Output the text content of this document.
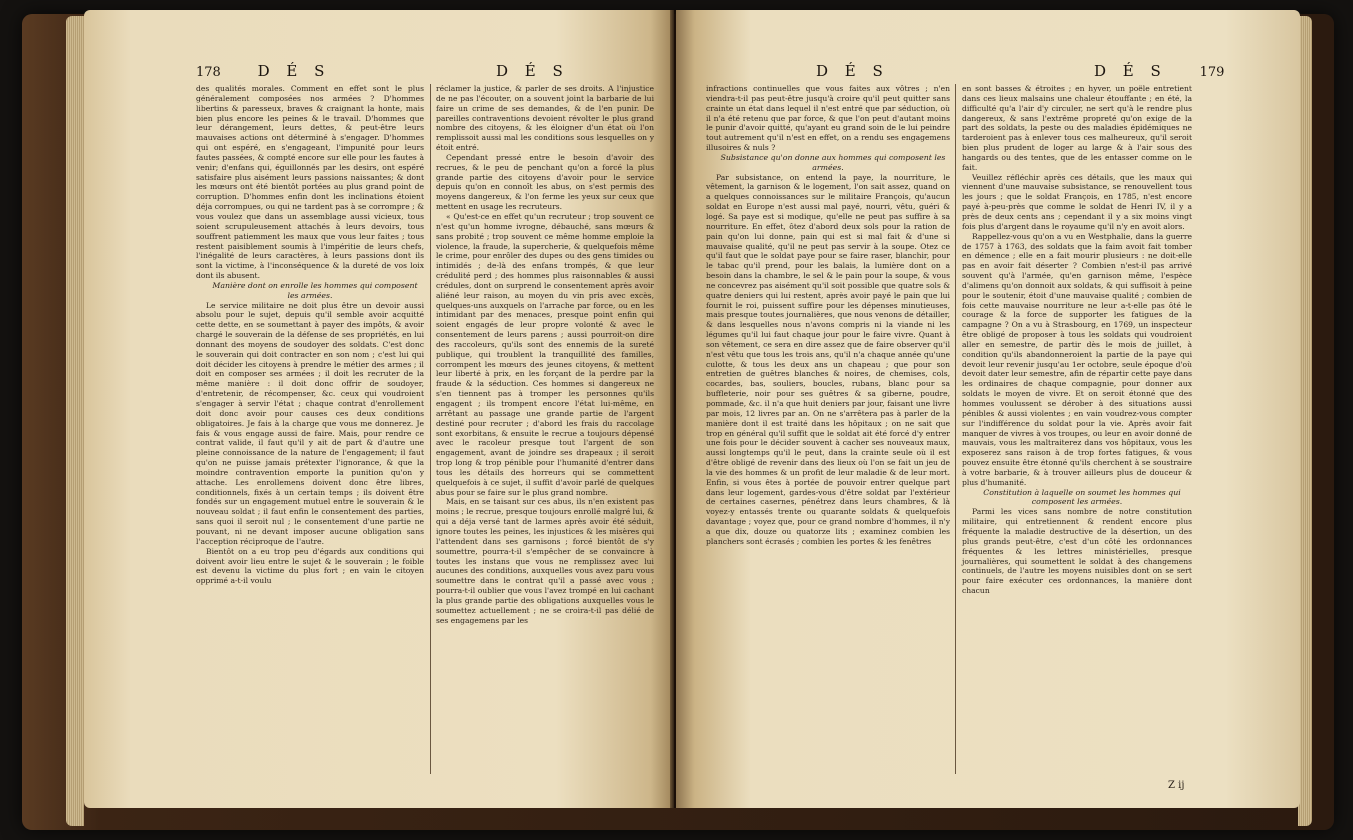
178 D É S	D É S

des qualités morales. Comment en effet sont le plus généralement composées nos armées ? D'hommes libertins & paresseux, braves & craignant la honte, mais bien plus encore les peines & le travail. D'hommes que leur dérangement, leurs dettes, & peut-être leurs mauvaises actions ont déterminé à s'engager. D'hommes qui ont espéré, en s'engageant, l'impunité pour leurs fautes passées, & compté encore sur elle pour les fautes à venir; d'enfans qui, éguillonnés par les desirs, ont espéré satisfaire plus aisément leurs passions naissantes; & dont les mœurs ont été bientôt portées au plus grand point de corruption. D'hommes enfin dont les inclinations étoient déja corrompues, ou qui ne tardent pas à se corrompre ; & vous voulez que dans un assemblage aussi vicieux, tous soient scrupuleusement attachés à leurs devoirs, tous souffrent patiemment les maux que vous leur faites ; tous restent paisiblement soumis à l'impéritie de leurs chefs, l'inégalité de leurs caractères, à leurs passions dont ils sont la victime, à l'inconséquence & la dureté de vos loix dont ils abusent.

Manière dont on enrolle les hommes qui composent les armées.

Le service militaire ne doit plus être un devoir aussi absolu pour le sujet, depuis qu'il semble avoir acquitté cette dette, en se soumettant à payer des impôts, & avoir chargé le souverain de la défense de ses propriétés, en lui donnant des moyens de soudoyer des soldats. C'est donc le souverain qui doit contracter en son nom ; c'est lui qui doit décider les citoyens à prendre le métier des armes ; il doit en composer ses armées ; il doit les recruter de la même manière : il doit donc offrir de soudoyer, d'entretenir, de récompenser, &c. ceux qui voudroient s'engager à servir l'état ; chaque contrat d'enrollement doit donc avoir pour causes ces deux conditions obligatoires. Je fais à la charge que vous me donnerez. Je fais & vous engage aussi de faire. Mais, pour rendre ce contrat valide, il faut qu'il y ait de part & d'autre une pleine connoissance de la nature de l'engagement; il faut qu'on ne puisse jamais prétexter l'ignorance, & que la moindre contravention emporte la punition qu'on y attache. Les enrollemens doivent donc être libres, conditionnels, fixés à un certain temps ; ils doivent être fondés sur un engagement mutuel entre le souverain & le nouveau soldat ; il faut enfin le consentement des parties, sans quoi il seroit nul ; le consentement d'une partie ne pouvant, ni ne devant imposer aucune obligation sans l'acception réciproque de l'autre.

Bientôt on a eu trop peu d'égards aux conditions qui doivent avoir lieu entre le sujet & le souverain ; le foible est devenu la victime du plus fort ; en vain le citoyen opprimé a-t-il voulu

réclamer la justice, & parler de ses droits. A l'injustice de ne pas l'écouter, on a souvent joint la barbarie de lui faire un crime de ses demandes, & de l'en punir. De pareilles contraventions devoient révolter le plus grand nombre des citoyens, & les éloigner d'un état où l'on remplissoit aussi mal les conditions sous lesquelles on y étoit entré.

Cependant pressé entre le besoin d'avoir des recrues, & le peu de penchant qu'on a forcé la plus grande partie des citoyens d'avoir pour le service depuis qu'on en connoît les abus, on s'est permis des moyens dangereux, & l'on ferme les yeux sur ceux que mettent en usage les recruteurs.

« Qu'est-ce en effet qu'un recruteur ; trop souvent ce n'est qu'un homme ivrogne, débauché, sans mœurs & sans probité ; trop souvent ce même homme emploie la violence, la fraude, la supercherie, & quelquefois même le crime, pour enrôler des dupes ou des gens timides ou intimidés ; de-là des enfans trompés, & que leur crédulité perd ; des hommes plus raisonnables & aussi crédules, dont on surprend le consentement après avoir aliéné leur raison, au moyen du vin pris avec excès, quelques-uns auxquels on l'arrache par force, ou en les intimidant par des menaces, presque point enfin qui soient engagés de leur propre volonté & avec le consentement de leurs parens ; aussi pourroit-on dire des raccoleurs, qu'ils sont des ennemis de la sureté publique, qui troublent la tranquillité des familles, corrompent les mœurs des jeunes citoyens, & mettent leur liberté à prix, en les forçant de la perdre par la fraude & la séduction. Ces hommes si dangereux ne s'en tiennent pas à tromper les personnes qu'ils engagent ; ils trompent encore l'état lui-même, en arrêtant au passage une grande partie de l'argent destiné pour recruter ; d'abord les frais du raccolage sont exorbitans, & ensuite le recrue a toujours dépensé avec le racoleur presque tout l'argent de son engagement, avant de joindre ses drapeaux ; il seroit trop long & trop pénible pour l'humanité d'entrer dans tous les détails des horreurs qui se commettent quelquefois à ce sujet, il suffit d'avoir parlé de quelques abus pour se faire sur le plus grand nombre.

Mais, en se taisant sur ces abus, ils n'en existent pas moins ; le recrue, presque toujours enrollé malgré lui, & qui a déja versé tant de larmes après avoir été séduit, ignore toutes les peines, les injustices & les misères qui l'attendent dans ses garnisons ; forcé bientôt de s'y soumettre, pourra-t-il s'empêcher de se convaincre à toutes les instans que vous ne remplissez avec lui aucunes des conditions, auxquelles vous avez paru vous soumettre dans le contrat qu'il a passé avec vous ; pourra-t-il oublier que vous l'avez trompé en lui cachant la plus grande partie des obligations auxquelles vous le soumettez actuellement ; ne se croira-t-il pas délié de ses engagemens par les

D É S	D É S	179

infractions continuelles que vous faites aux vôtres ; n'en viendra-t-il pas peut-être jusqu'à croire qu'il peut quitter sans crainte un état dans lequel il n'est entré que par séduction, où il n'a été retenu que par force, & que l'on peut d'autant moins le punir d'avoir quitté, qu'ayant eu grand soin de le lui peindre tout autrement qu'il n'est en effet, on a rendu ses engagemens illusoires & nuls ?

Subsistance qu'on donne aux hommes qui composent les armées.

Par subsistance, on entend la paye, la nourriture, le vêtement, la garnison & le logement, l'on sait assez, quand on a quelques connoissances sur le militaire François, qu'aucun soldat en Europe n'est aussi mal payé, nourri, vêtu, guéri & logé. Sa paye est si modique, qu'elle ne peut pas suffire à sa nourriture. En effet, ôtez d'abord deux sols pour la ration de pain qu'on lui donne, pain qui est si mal fait & d'une si mauvaise qualité, qu'il ne peut pas servir à la soupe. Otez ce qu'il faut que le soldat paye pour se faire raser, blanchir, pour le tabac qu'il prend, pour les balais, la lumière dont on a besoin dans la chambre, le sel & le pain pour la soupe, & vous ne concevrez pas aisément qu'il soit possible que quatre sols & quatre deniers qui lui restent, après avoir payé le pain que lui fournit le roi, puissent suffire pour les dépenses minutieuses, mais presque toutes journalières, que nous venons de détailler, & dans lesquelles nous n'avons compris ni la viande ni les légumes qu'il lui faut chaque jour pour le faire vivre. Quant à son vêtement, ce sera en dire assez que de faire observer qu'il n'est vêtu que tous les trois ans, qu'il n'a chaque année qu'une culotte, & tous les deux ans un chapeau ; que pour son entretien de guêtres blanches & noires, de chemises, cols, cocardes, bas, souliers, boucles, rubans, blanc pour sa buffleterie, noir pour ses guêtres & sa giberne, poudre, pommade, &c. il n'a que huit deniers par jour, faisant une livre par mois, 12 livres par an. On ne s'arrêtera pas à parler de la manière dont il est traité dans les hôpitaux ; on ne sait que trop en général qu'il suffit que le soldat ait été forcé d'y entrer une fois pour le décider souvent à cacher ses nouveaux maux, aussi longtemps qu'il le peut, dans la crainte seule où il est d'être obligé de revenir dans des lieux où l'on se fait un jeu de la vie des hommes & un profit de leur maladie & de leur mort. Enfin, si vous êtes à portée de pouvoir entrer quelque part dans leur logement, gardes-vous d'être soldat par l'extérieur de certaines casernes, pénétrez dans leurs chambres, & là voyez-y entassés trente ou quarante soldats & quelquefois davantage ; voyez que, pour ce grand nombre d'hommes, il n'y a que dix, douze ou quatorze lits ; examinez combien les planchers sont écrasés ; combien les portes & les fenêtres

en sont basses & étroites ; en hyver, un poële entretient dans ces lieux malsains une chaleur étouffante ; en été, la difficulté qu'a l'air d'y circuler, ne sert qu'à le rendre plus dangereux, & sans l'extrême propreté qu'on exige de la part des soldats, la peste ou des maladies épidémiques ne tarderoient pas à enlever tous ces malheureux, qu'il seroit bien plus prudent de loger au large & à l'air sous des hangards ou des tentes, que de les entasser comme on le fait.

Veuillez réfléchir après ces détails, que les maux qui viennent d'une mauvaise subsistance, se renouvellent tous les jours ; que le soldat François, en 1785, n'est encore payé à-peu-près que comme le soldat de Henri IV, il y a près de deux cents ans ; cependant il y a six moins vingt fois plus d'argent dans le royaume qu'il n'y en avoit alors.

Rappellez-vous qu'on a vu en Westphalie, dans la guerre de 1757 à 1763, des soldats que la faim avoit fait tomber en démence ; elle en a fait mourir plusieurs : ne doit-elle pas en avoir fait déserter ? Combien n'est-il pas arrivé souvent qu'à l'armée, qu'en garnison même, l'espèce d'alimens qu'on donnoit aux soldats, & qui suffisoit à peine pour le soutenir, étoit d'une mauvaise qualité ; combien de fois cette mauvaise nourriture ne leur a-t-elle pas ôté le courage & la force de supporter les fatigues de la campagne ? On a vu à Strasbourg, en 1769, un inspecteur être obligé de proposer à tous les soldats qui voudroient aller en semestre, de partir dès le mois de juillet, à condition qu'ils abandonneroient la partie de la paye qui devoit leur revenir jusqu'au 1er octobre, seule époque d'où devoit dater leur semestre, afin de répartir cette paye dans les ordinaires de chaque compagnie, pour donner aux soldats le moyen de vivre. Et on seroit étonné que des hommes voulussent se dérober à des situations aussi pénibles & aussi violentes ; en vain voudrez-vous compter sur l'indifférence du soldat pour la vie. Après avoir fait manquer de vivres à vos troupes, ou leur en avoir donné de mauvais, vous les maltraiterez dans vos hôpitaux, vous les exposerez sans raison à de trop fortes fatigues, & vous pouvez ensuite être étonné qu'ils cherchent à se soustraire à votre barbarie, & à trouver ailleurs plus de douceur & plus d'humanité.

Constitution à laquelle on soumet les hommes qui composent les armées.

Parmi les vices sans nombre de notre constitution militaire, qui entretiennent & rendent encore plus fréquente la maladie destructive de la désertion, un des plus grands peut-être, c'est d'un côté les ordonnances fréquentes & les lettres ministérielles, presque journalières, qui soumettent le soldat à des changemens continuels, de l'autre les moyens nuisibles dont on se sert pour faire exécuter ces ordonnances, la manière dont chacun

Z ij
